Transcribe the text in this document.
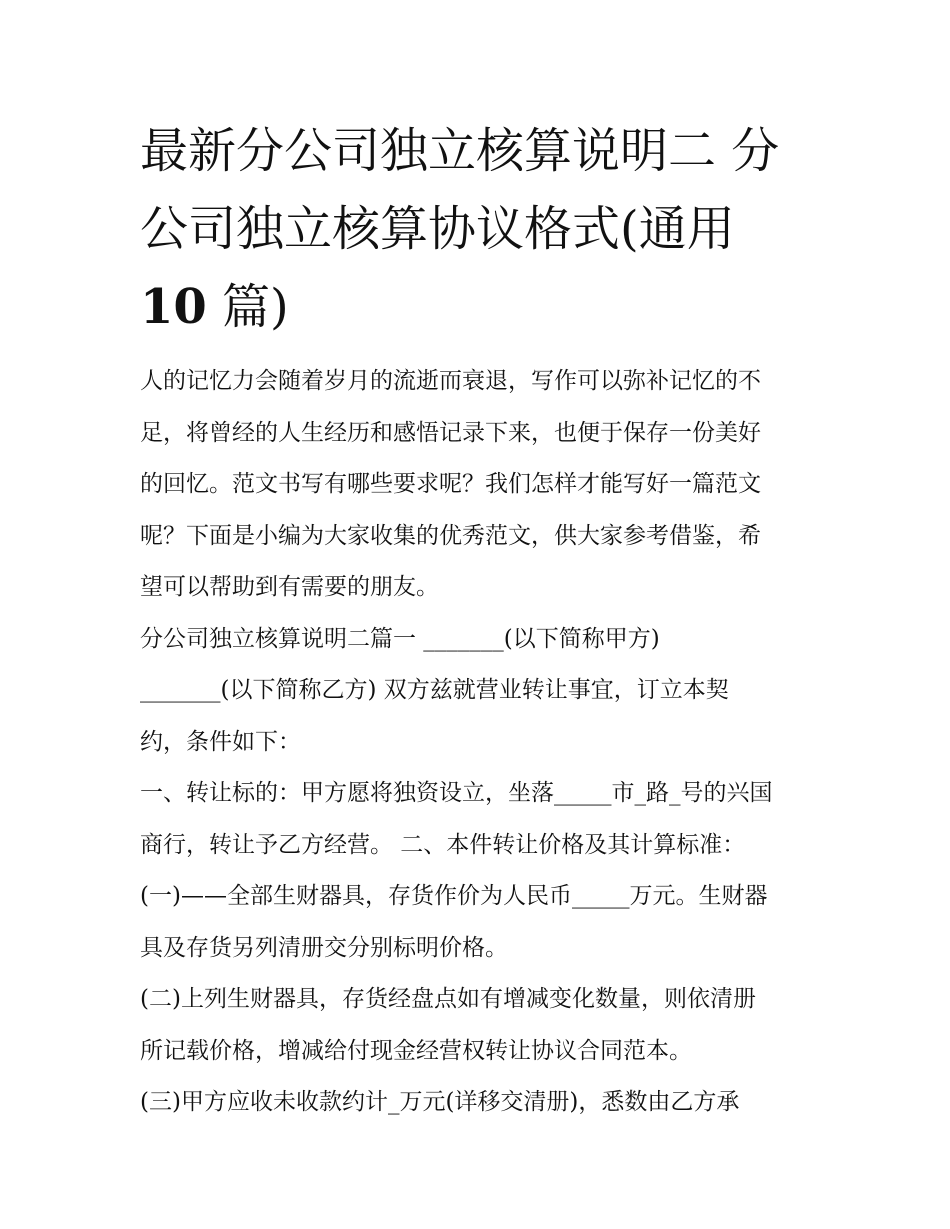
最新分公司独立核算说明二 分
公司独立核算协议格式(通用
10 篇)
人的记忆力会随着岁月的流逝而衰退，写作可以弥补记忆的不
足，将曾经的人生经历和感悟记录下来，也便于保存一份美好
的回忆。范文书写有哪些要求呢？我们怎样才能写好一篇范文
呢？下面是小编为大家收集的优秀范文，供大家参考借鉴，希
望可以帮助到有需要的朋友。
分公司独立核算说明二篇一 _______(以下简称甲方)
_______(以下简称乙方) 双方兹就营业转让事宜，订立本契
约，条件如下：
一、转让标的：甲方愿将独资设立，坐落_____市_路_号的兴国
商行，转让予乙方经营。 二、本件转让价格及其计算标准：
(一)——全部生财器具，存货作价为人民币_____万元。生财器
具及存货另列清册交分别标明价格。
(二)上列生财器具，存货经盘点如有增减变化数量，则依清册
所记载价格，增减给付现金经营权转让协议合同范本。
(三)甲方应收未收款约计_万元(详移交清册)，悉数由乙方承
